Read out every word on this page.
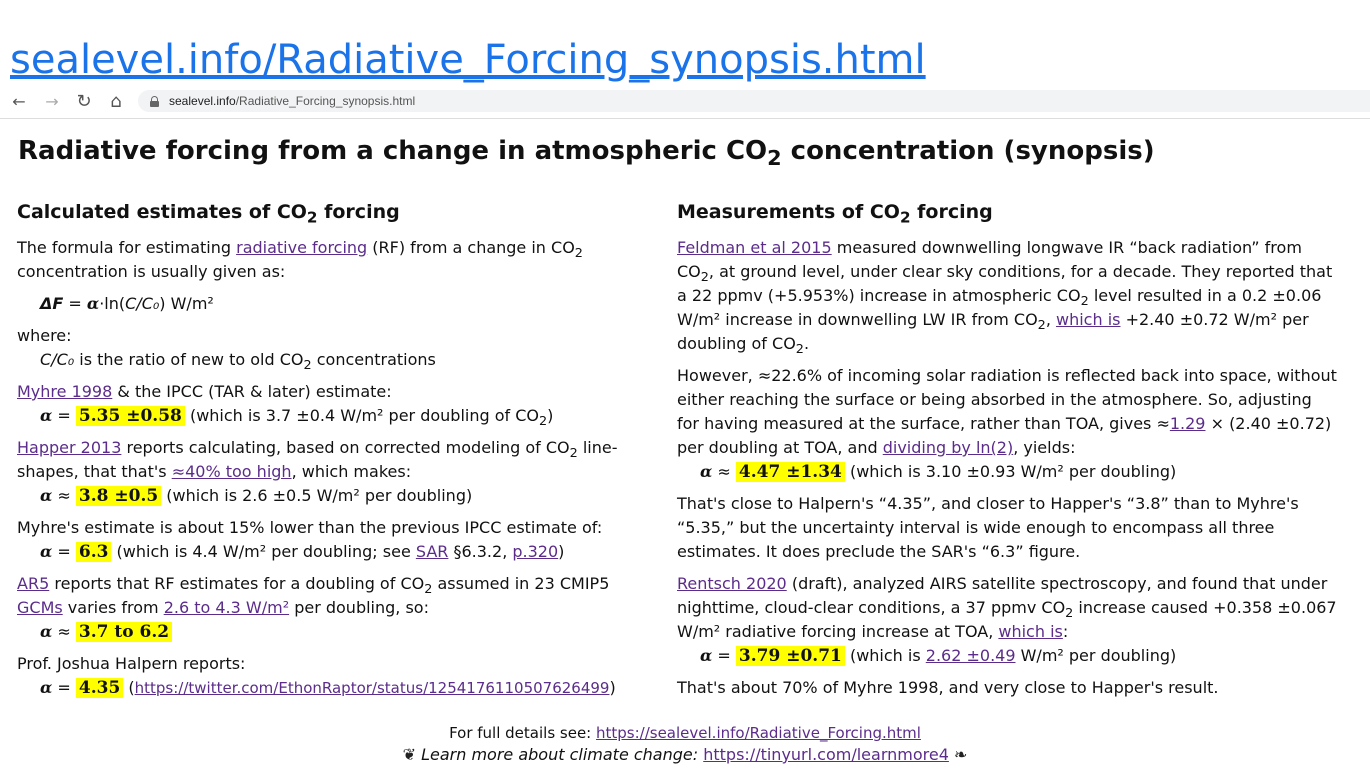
sealevel.info/Radiative_Forcing_synopsis.html
← → ↻ ⌂	sealevel.info/Radiative_Forcing_synopsis.html
Radiative forcing from a change in atmospheric $CO_2$ concentration (synopsis)
Calculated estimates of $CO_2$ forcing

The formula for estimating radiative forcing (RF) from a change in $CO_2$ concentration is usually given as:

ΔF = α·ln(C/C₀) W/m²

where:

C/C₀ is the ratio of new to old $CO_2$ concentrations

Myhre 1998 & the IPCC (TAR & later) estimate:

α = 5.35 ±0.58 (which is 3.7 ±0.4 W/m² per doubling of $CO_2$)

Happer 2013 reports calculating, based on corrected modeling of $CO_2$ line-shapes, that that's ≈40% too high, which makes:

α ≈ 3.8 ±0.5 (which is 2.6 ±0.5 W/m² per doubling)

Myhre's estimate is about 15% lower than the previous IPCC estimate of:

α = 6.3 (which is 4.4 W/m² per doubling; see SAR §6.3.2, p.320)

AR5 reports that RF estimates for a doubling of $CO_2$ assumed in 23 CMIP5 GCMs varies from 2.6 to 4.3 W/m² per doubling, so:

α ≈ 3.7 to 6.2

Prof. Joshua Halpern reports:

α = 4.35 (https://twitter.com/EthonRaptor/status/1254176110507626499)

Measurements of $CO_2$ forcing

Feldman et al 2015 measured downwelling longwave IR “back radiation” from $CO_2$, at ground level, under clear sky conditions, for a decade. They reported that a 22 ppmv (+5.953%) increase in atmospheric $CO_2$ level resulted in a 0.2 ±0.06 W/m² increase in downwelling LW IR from $CO_2$, which is +2.40 ±0.72 W/m² per doubling of $CO_2$.

However, ≈22.6% of incoming solar radiation is reflected back into space, without either reaching the surface or being absorbed in the atmosphere. So, adjusting for having measured at the surface, rather than TOA, gives ≈1.29 × (2.40 ±0.72) per doubling at TOA, and dividing by ln(2), yields:

α ≈ 4.47 ±1.34 (which is 3.10 ±0.93 W/m² per doubling)

That's close to Halpern's “4.35”, and closer to Happer's “3.8” than to Myhre's “5.35,” but the uncertainty interval is wide enough to encompass all three estimates. It does preclude the SAR's “6.3” figure.

Rentsch 2020 (draft), analyzed AIRS satellite spectroscopy, and found that under nighttime, cloud-clear conditions, a 37 ppmv $CO_2$ increase caused +0.358 ±0.067 W/m² radiative forcing increase at TOA, which is:

α = 3.79 ±0.71 (which is 2.62 ±0.49 W/m² per doubling)

That's about 70% of Myhre 1998, and very close to Happer's result.

For full details see: https://sealevel.info/Radiative_Forcing.html
❦ Learn more about climate change: https://tinyurl.com/learnmore4 ❧
